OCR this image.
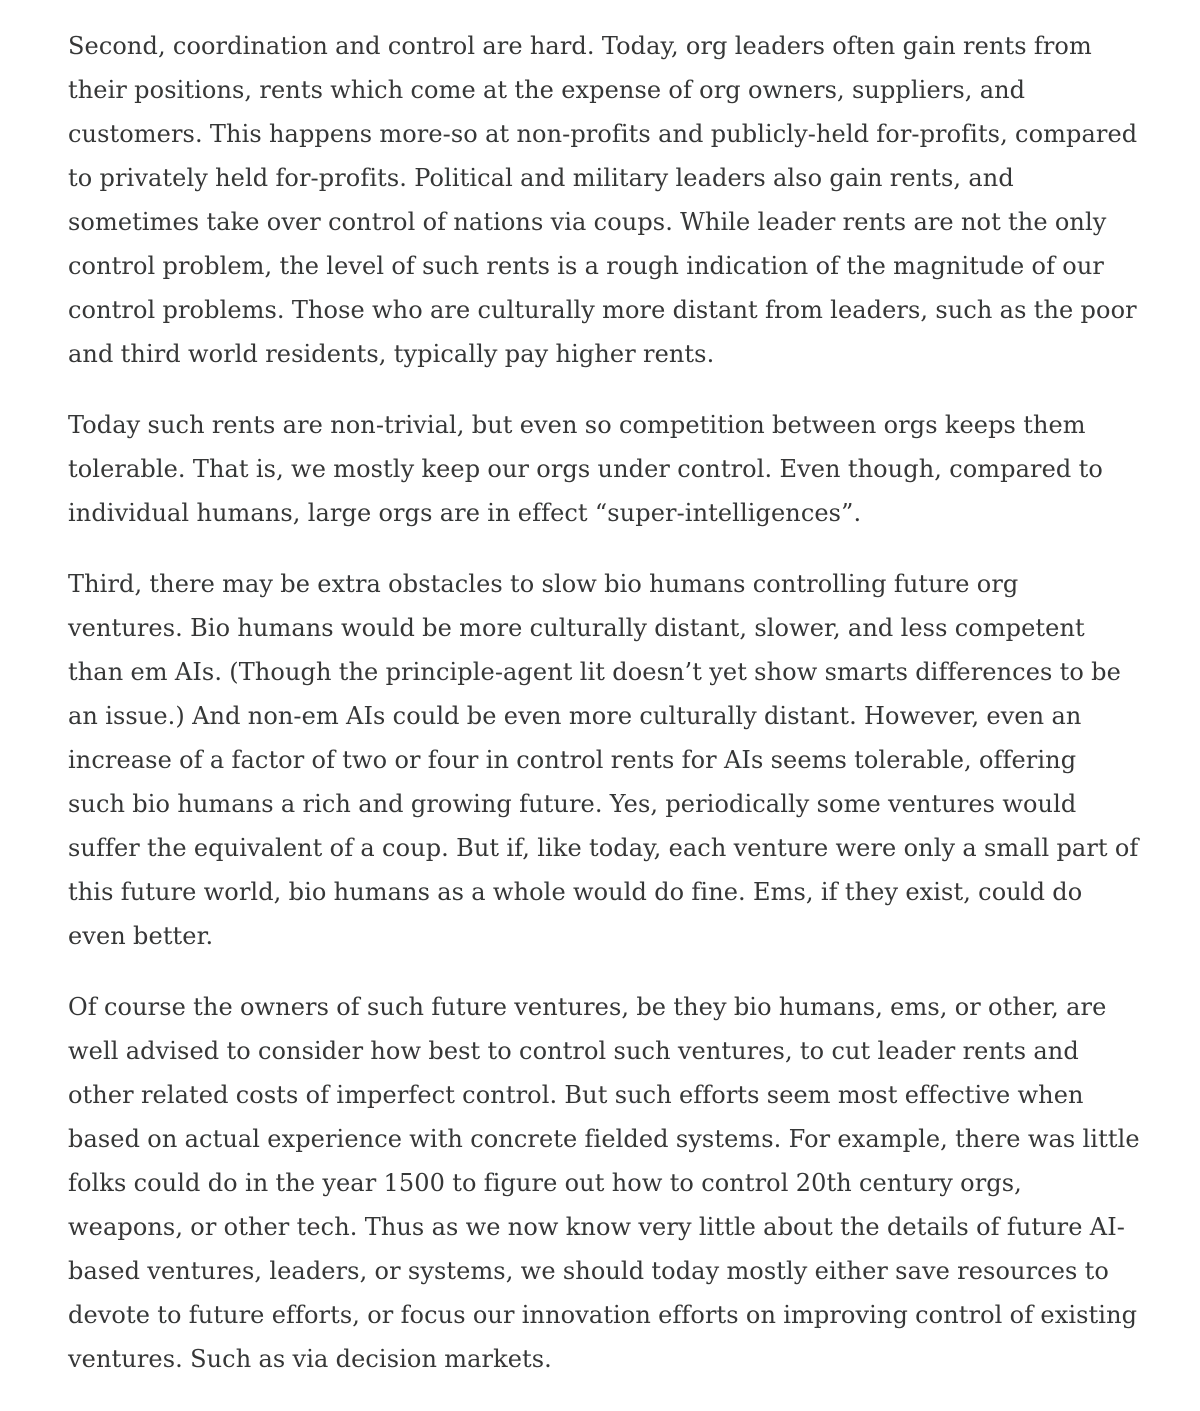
Second, coordination and control are hard. Today, org leaders often gain rents from their positions, rents which come at the expense of org owners, suppliers, and customers. This happens more-so at non-profits and publicly-held for-profits, compared to privately held for-profits. Political and military leaders also gain rents, and sometimes take over control of nations via coups. While leader rents are not the only control problem, the level of such rents is a rough indication of the magnitude of our control problems. Those who are culturally more distant from leaders, such as the poor and third world residents, typically pay higher rents.

Today such rents are non-trivial, but even so competition between orgs keeps them tolerable. That is, we mostly keep our orgs under control. Even though, compared to individual humans, large orgs are in effect “super-intelligences”.

Third, there may be extra obstacles to slow bio humans controlling future org ventures. Bio humans would be more culturally distant, slower, and less competent than em AIs. (Though the principle-agent lit doesn’t yet show smarts differences to be an issue.) And non-em AIs could be even more culturally distant. However, even an increase of a factor of two or four in control rents for AIs seems tolerable, offering such bio humans a rich and growing future. Yes, periodically some ventures would suffer the equivalent of a coup. But if, like today, each venture were only a small part of this future world, bio humans as a whole would do fine. Ems, if they exist, could do even better.

Of course the owners of such future ventures, be they bio humans, ems, or other, are well advised to consider how best to control such ventures, to cut leader rents and other related costs of imperfect control. But such efforts seem most effective when based on actual experience with concrete fielded systems. For example, there was little folks could do in the year 1500 to figure out how to control 20th century orgs, weapons, or other tech. Thus as we now know very little about the details of future AI-based ventures, leaders, or systems, we should today mostly either save resources to devote to future efforts, or focus our innovation efforts on improving control of existing ventures. Such as via decision markets.
